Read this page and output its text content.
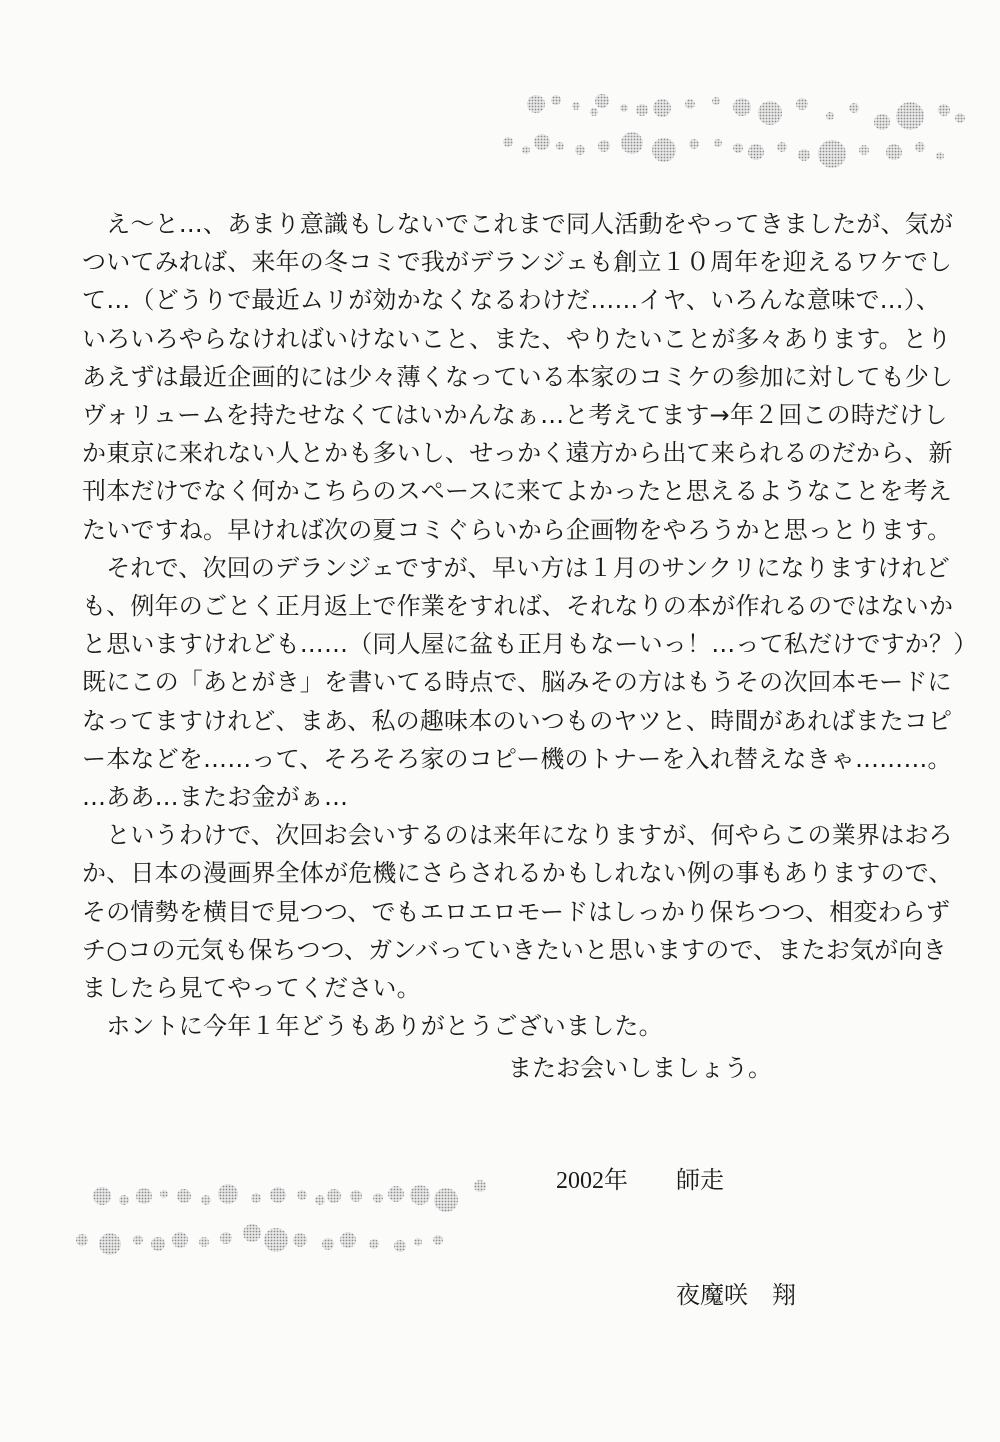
　え～と…、あまり意識もしないでこれまで同人活動をやってきましたが、気が
ついてみれば、来年の冬コミで我がデランジェも創立１０周年を迎えるワケでし
て…（どうりで最近ムリが効かなくなるわけだ……イヤ、いろんな意味で…）、
いろいろやらなければいけないこと、また、やりたいことが多々あります。とり
あえずは最近企画的には少々薄くなっている本家のコミケの参加に対しても少し
ヴォリュームを持たせなくてはいかんなぁ…と考えてます→年２回この時だけし
か東京に来れない人とかも多いし、せっかく遠方から出て来られるのだから、新
刊本だけでなく何かこちらのスペースに来てよかったと思えるようなことを考え
たいですね。早ければ次の夏コミぐらいから企画物をやろうかと思っとります。
　それで、次回のデランジェですが、早い方は１月のサンクリになりますけれど
も、例年のごとく正月返上で作業をすれば、それなりの本が作れるのではないか
と思いますけれども……（同人屋に盆も正月もなーいっ！…って私だけですか？）
既にこの「あとがき」を書いてる時点で、脳みその方はもうその次回本モードに
なってますけれど、まあ、私の趣味本のいつものヤツと、時間があればまたコピ
ー本などを……って、そろそろ家のコピー機のトナーを入れ替えなきゃ………。
…ああ…またお金がぁ…
　というわけで、次回お会いするのは来年になりますが、何やらこの業界はおろ
か、日本の漫画界全体が危機にさらされるかもしれない例の事もありますので、
その情勢を横目で見つつ、でもエロエロモードはしっかり保ちつつ、相変わらず
チ○コの元気も保ちつつ、ガンバっていきたいと思いますので、またお気が向き
ましたら見てやってください。
　ホントに今年１年どうもありがとうございました。
またお会いしましょう。
2002年 師走
夜魔咲　翔
